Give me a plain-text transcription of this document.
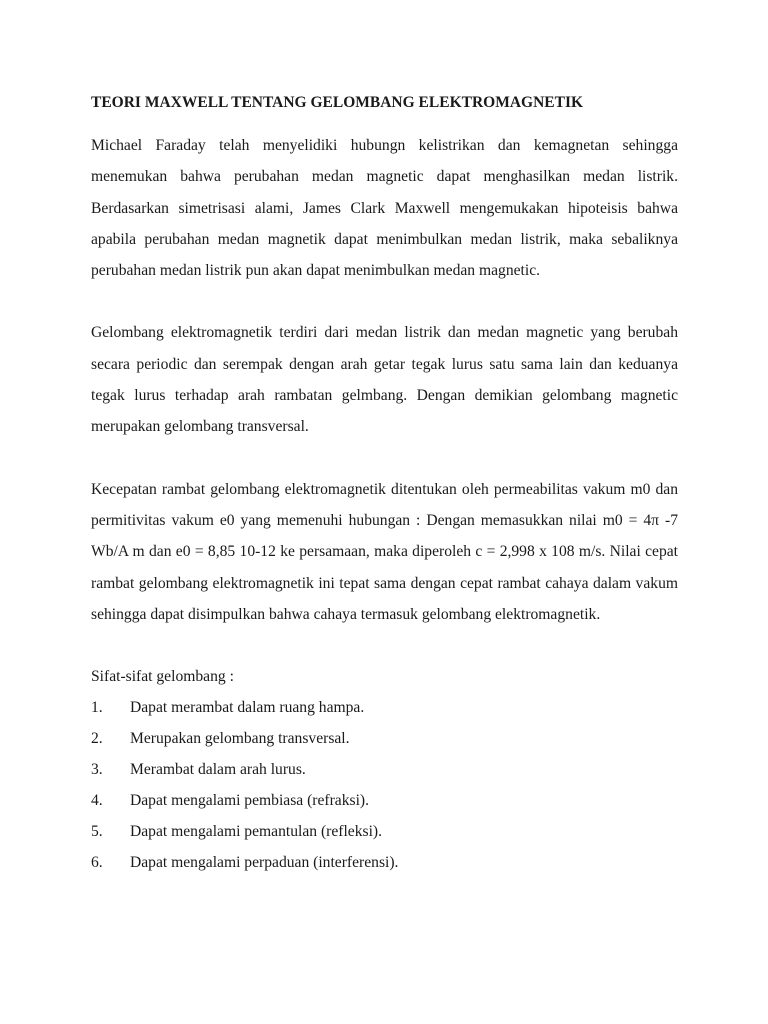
TEORI MAXWELL TENTANG GELOMBANG ELEKTROMAGNETIK

Michael Faraday telah menyelidiki hubungn kelistrikan dan kemagnetan sehingga menemukan bahwa perubahan medan magnetic dapat menghasilkan medan listrik. Berdasarkan simetrisasi alami, James Clark Maxwell mengemukakan hipoteisis bahwa apabila perubahan medan magnetik dapat menimbulkan medan listrik, maka sebaliknya perubahan medan listrik pun akan dapat menimbulkan medan magnetic.

Gelombang elektromagnetik terdiri dari medan listrik dan medan magnetic yang berubah secara periodic dan serempak dengan arah getar tegak lurus satu sama lain dan keduanya tegak lurus terhadap arah rambatan gelmbang. Dengan demikian gelombang magnetic merupakan gelombang transversal.

Kecepatan rambat gelombang elektromagnetik ditentukan oleh permeabilitas vakum m0 dan permitivitas vakum e0 yang memenuhi hubungan : Dengan memasukkan nilai m0 = 4π -7 Wb/A m dan e0 = 8,85 10-12 ke persamaan, maka diperoleh c = 2,998 x 108 m/s. Nilai cepat rambat gelombang elektromagnetik ini tepat sama dengan cepat rambat cahaya dalam vakum sehingga dapat disimpulkan bahwa cahaya termasuk gelombang elektromagnetik.

Sifat-sifat gelombang :

1.	Dapat merambat dalam ruang hampa.
2.	Merupakan gelombang transversal.
3.	Merambat dalam arah lurus.
4.	Dapat mengalami pembiasa (refraksi).
5.	Dapat mengalami pemantulan (refleksi).
6.	Dapat mengalami perpaduan (interferensi).
